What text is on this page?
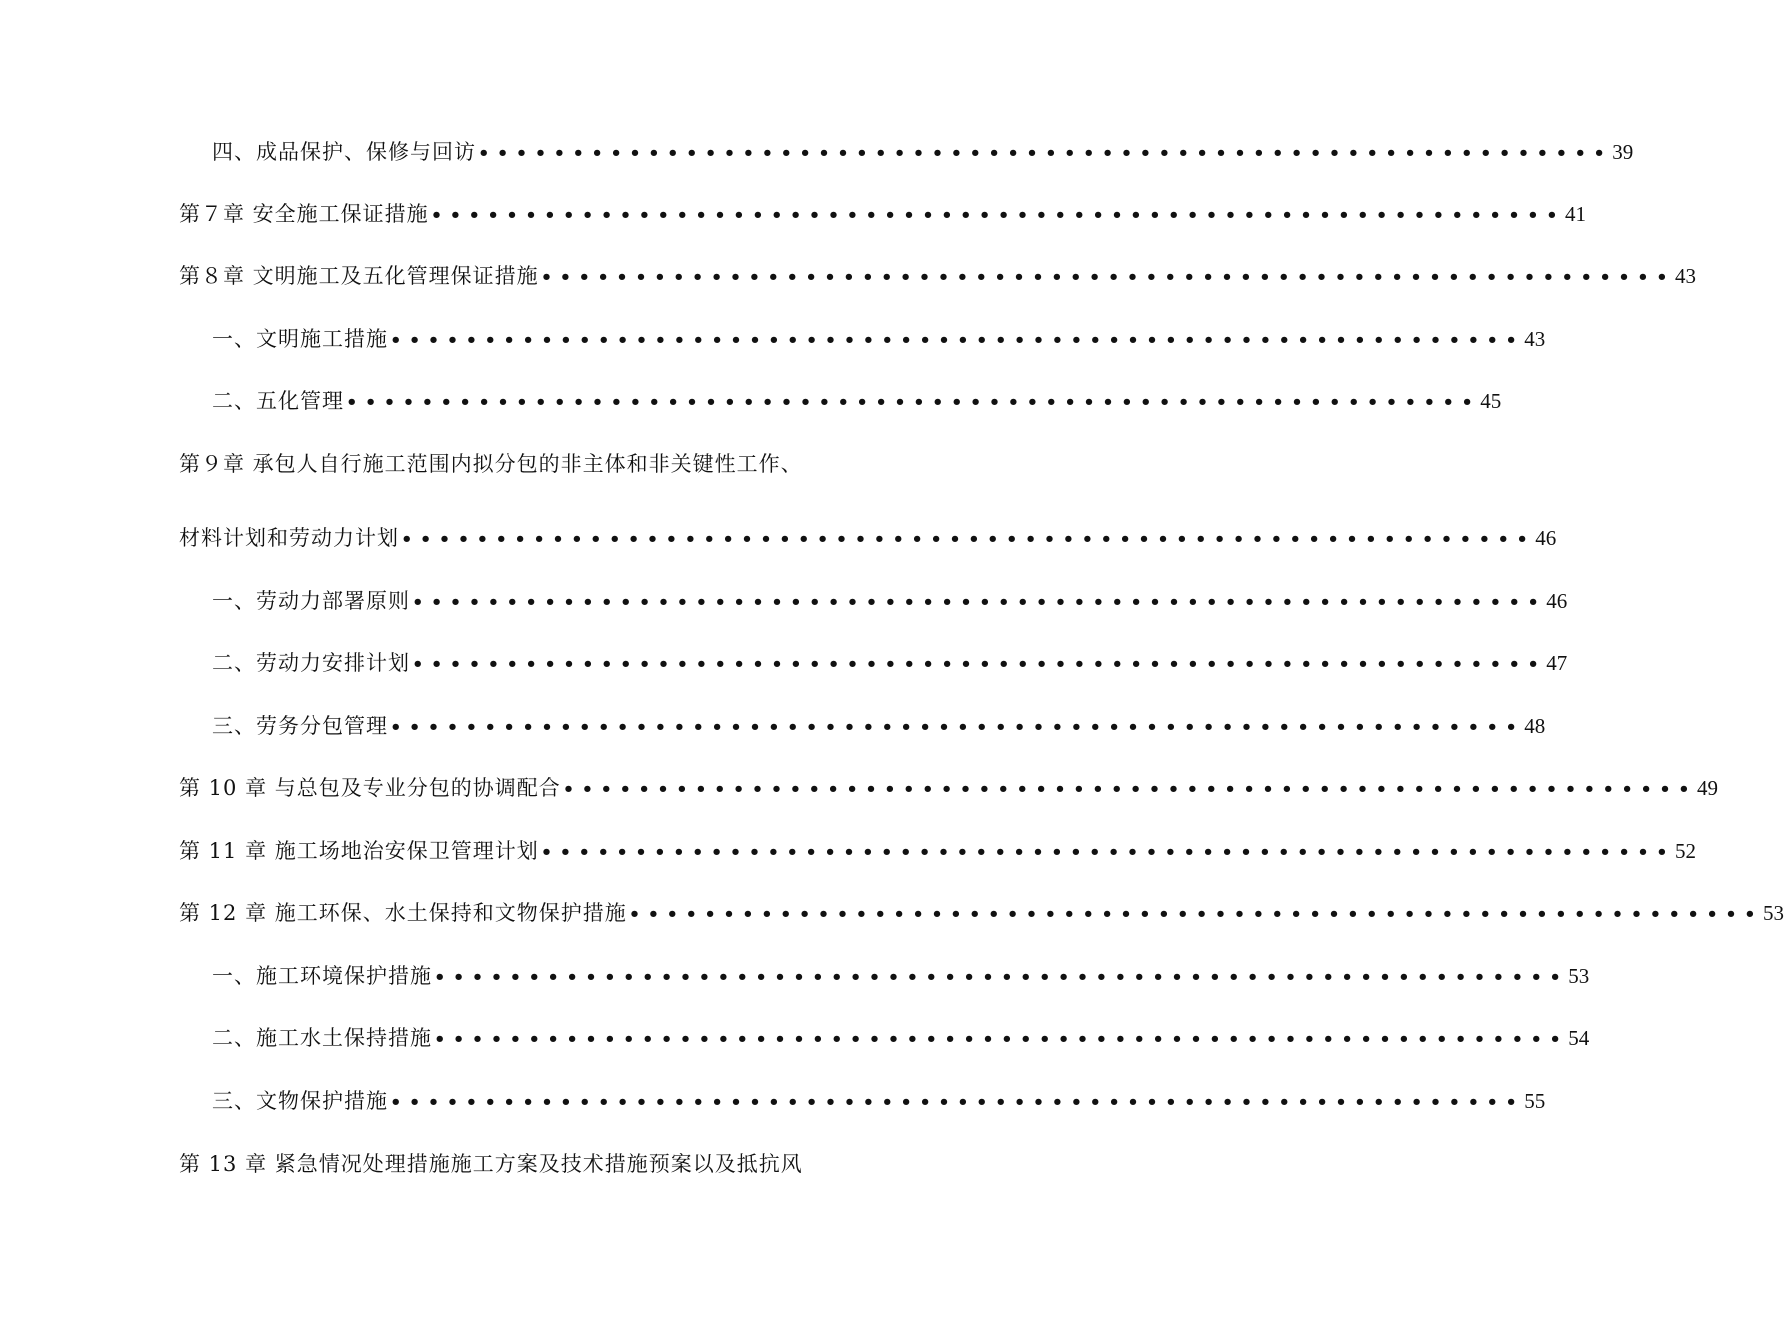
四、成品保护、保修与回访 •••••••••••••••••••••••••••••••••••••••••••••••••••••••••••• 39
第７章 安全施工保证措施 •••••••••••••••••••••••••••••••••••••••••••••••••••••••••••• 41
第８章 文明施工及五化管理保证措施 •••••••••••••••••••••••••••••••••••••••••••••••••••••••••••• 43
一、文明施工措施 •••••••••••••••••••••••••••••••••••••••••••••••••••••••••••• 43
二、五化管理 •••••••••••••••••••••••••••••••••••••••••••••••••••••••••••• 45
第９章 承包人自行施工范围内拟分包的非主体和非关键性工作、
材料计划和劳动力计划 •••••••••••••••••••••••••••••••••••••••••••••••••••••••••••• 46
一、劳动力部署原则 •••••••••••••••••••••••••••••••••••••••••••••••••••••••••••• 46
二、劳动力安排计划 •••••••••••••••••••••••••••••••••••••••••••••••••••••••••••• 47
三、劳务分包管理 •••••••••••••••••••••••••••••••••••••••••••••••••••••••••••• 48
第 10 章 与总包及专业分包的协调配合 •••••••••••••••••••••••••••••••••••••••••••••••••••••••••••• 49
第 11 章 施工场地治安保卫管理计划 •••••••••••••••••••••••••••••••••••••••••••••••••••••••••••• 52
第 12 章 施工环保、水土保持和文物保护措施 •••••••••••••••••••••••••••••••••••••••••••••••••••••••••••• 53
一、施工环境保护措施 •••••••••••••••••••••••••••••••••••••••••••••••••••••••••••• 53
二、施工水土保持措施 •••••••••••••••••••••••••••••••••••••••••••••••••••••••••••• 54
三、文物保护措施 •••••••••••••••••••••••••••••••••••••••••••••••••••••••••••• 55
第 13 章 紧急情况处理措施施工方案及技术措施预案以及抵抗风
